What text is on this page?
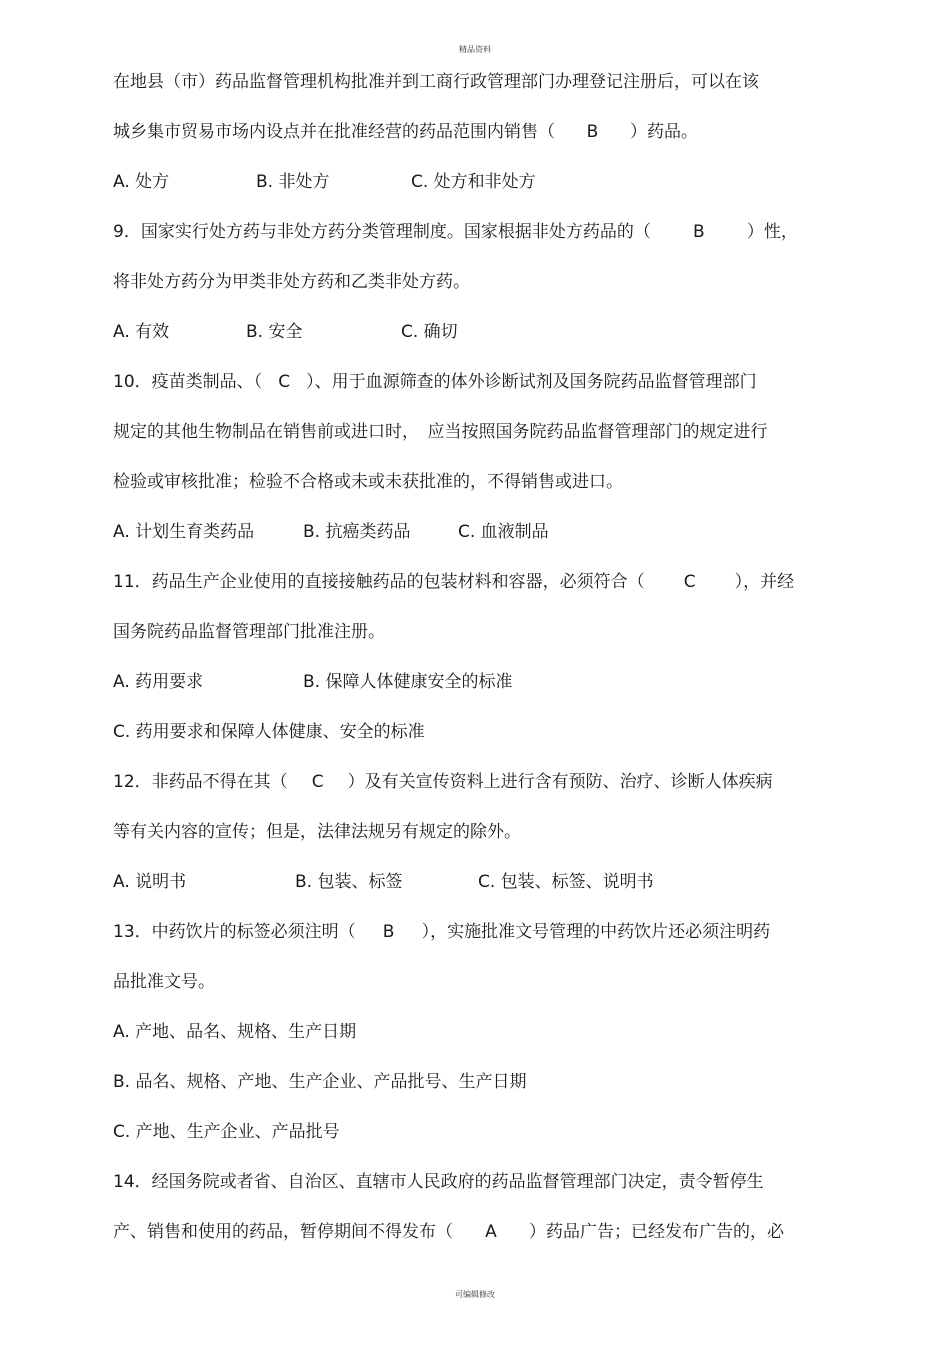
精品资料
在地县（市）药品监督管理机构批准并到工商行政管理部门办理登记注册后，可以在该
城乡集市贸易市场内设点并在批准经营的药品范围内销售（ B ）药品。
A. 处方	B. 非处方	C. 处方和非处方
9．国家实行处方药与非处方药分类管理制度。国家根据非处方药品的（ B ）性，
将非处方药分为甲类非处方药和乙类非处方药。
A. 有效	B. 安全	C. 确切
10．疫苗类制品、（ C ）、用于血源筛查的体外诊断试剂及国务院药品监督管理部门
规定的其他生物制品在销售前或进口时，　应当按照国务院药品监督管理部门的规定进行
检验或审核批准；检验不合格或未或未获批准的，不得销售或进口。
A. 计划生育类药品	B. 抗癌类药品	C. 血液制品
11．药品生产企业使用的直接接触药品的包装材料和容器，必须符合（ C ），并经
国务院药品监督管理部门批准注册。
A. 药用要求	B. 保障人体健康安全的标准
C. 药用要求和保障人体健康、安全的标准
12．非药品不得在其（ C ）及有关宣传资料上进行含有预防、治疗、诊断人体疾病
等有关内容的宣传；但是，法律法规另有规定的除外。
A. 说明书	B. 包装、标签	C. 包装、标签、说明书
13．中药饮片的标签必须注明（ B ），实施批准文号管理的中药饮片还必须注明药
品批准文号。
A. 产地、品名、规格、生产日期
B. 品名、规格、产地、生产企业、产品批号、生产日期
C. 产地、生产企业、产品批号
14．经国务院或者省、自治区、直辖市人民政府的药品监督管理部门决定，责令暂停生
产、销售和使用的药品，暂停期间不得发布（ A ）药品广告；已经发布广告的，必
可编辑修改
